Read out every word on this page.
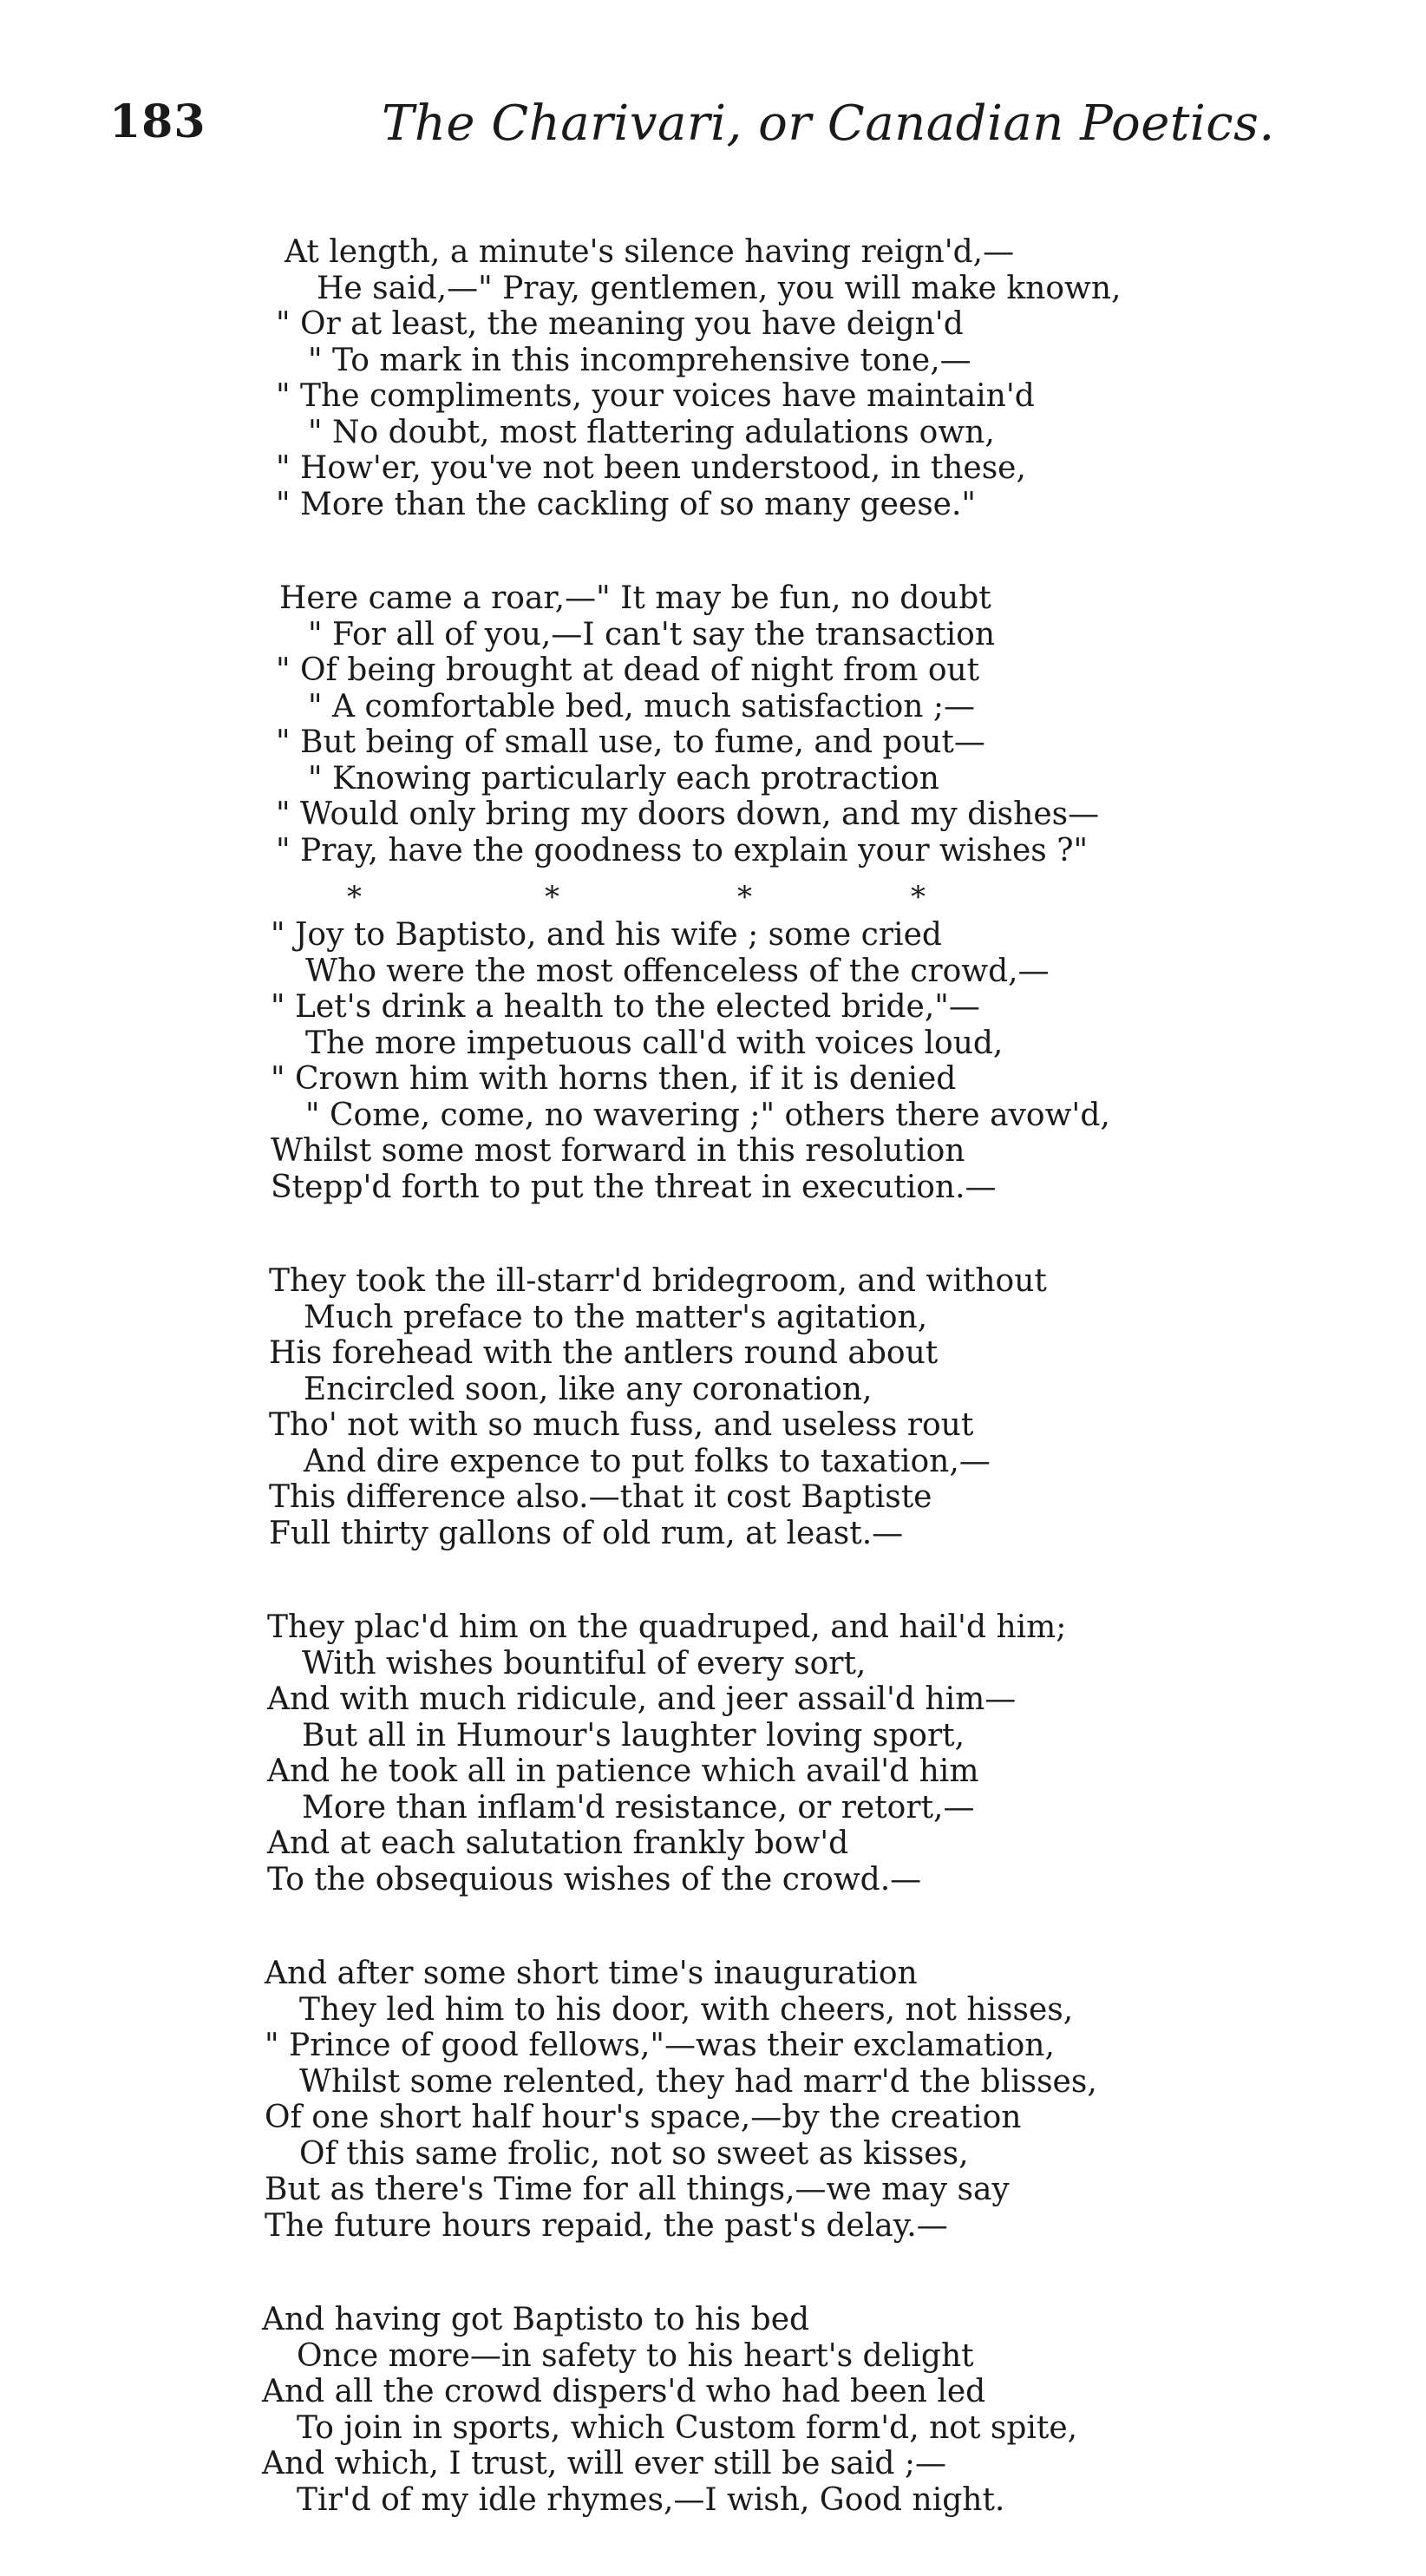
183	The Charivari, or Canadian Poetics.
At length, a minute's silence having reign'd,—
He said,—" Pray, gentlemen, you will make known,
" Or at least, the meaning you have deign'd
" To mark in this incomprehensive tone,—
" The compliments, your voices have maintain'd
" No doubt, most flattering adulations own,
" How'er, you've not been understood, in these,
" More than the cackling of so many geese."
Here came a roar,—" It may be fun, no doubt
" For all of you,—I can't say the transaction
" Of being brought at dead of night from out
" A comfortable bed, much satisfaction ;—
" But being of small use, to fume, and pout—
" Knowing particularly each protraction
" Would only bring my doors down, and my dishes—
" Pray, have the goodness to explain your wishes ?"
*	*	*	*
" Joy to Baptisto, and his wife ; some cried
Who were the most offenceless of the crowd,—
" Let's drink a health to the elected bride,"—
The more impetuous call'd with voices loud,
" Crown him with horns then, if it is denied
" Come, come, no wavering ;" others there avow'd,
Whilst some most forward in this resolution
Stepp'd forth to put the threat in execution.—
They took the ill-starr'd bridegroom, and without
Much preface to the matter's agitation,
His forehead with the antlers round about
Encircled soon, like any coronation,
Tho' not with so much fuss, and useless rout
And dire expence to put folks to taxation,—
This difference also.—that it cost Baptiste
Full thirty gallons of old rum, at least.—
They plac'd him on the quadruped, and hail'd him;
With wishes bountiful of every sort,
And with much ridicule, and jeer assail'd him—
But all in Humour's laughter loving sport,
And he took all in patience which avail'd him
More than inflam'd resistance, or retort,—
And at each salutation frankly bow'd
To the obsequious wishes of the crowd.—
And after some short time's inauguration
They led him to his door, with cheers, not hisses,
" Prince of good fellows,"—was their exclamation,
Whilst some relented, they had marr'd the blisses,
Of one short half hour's space,—by the creation
Of this same frolic, not so sweet as kisses,
But as there's Time for all things,—we may say
The future hours repaid, the past's delay.—
And having got Baptisto to his bed
Once more—in safety to his heart's delight
And all the crowd dispers'd who had been led
To join in sports, which Custom form'd, not spite,
And which, I trust, will ever still be said ;—
Tir'd of my idle rhymes,—I wish, Good night.
